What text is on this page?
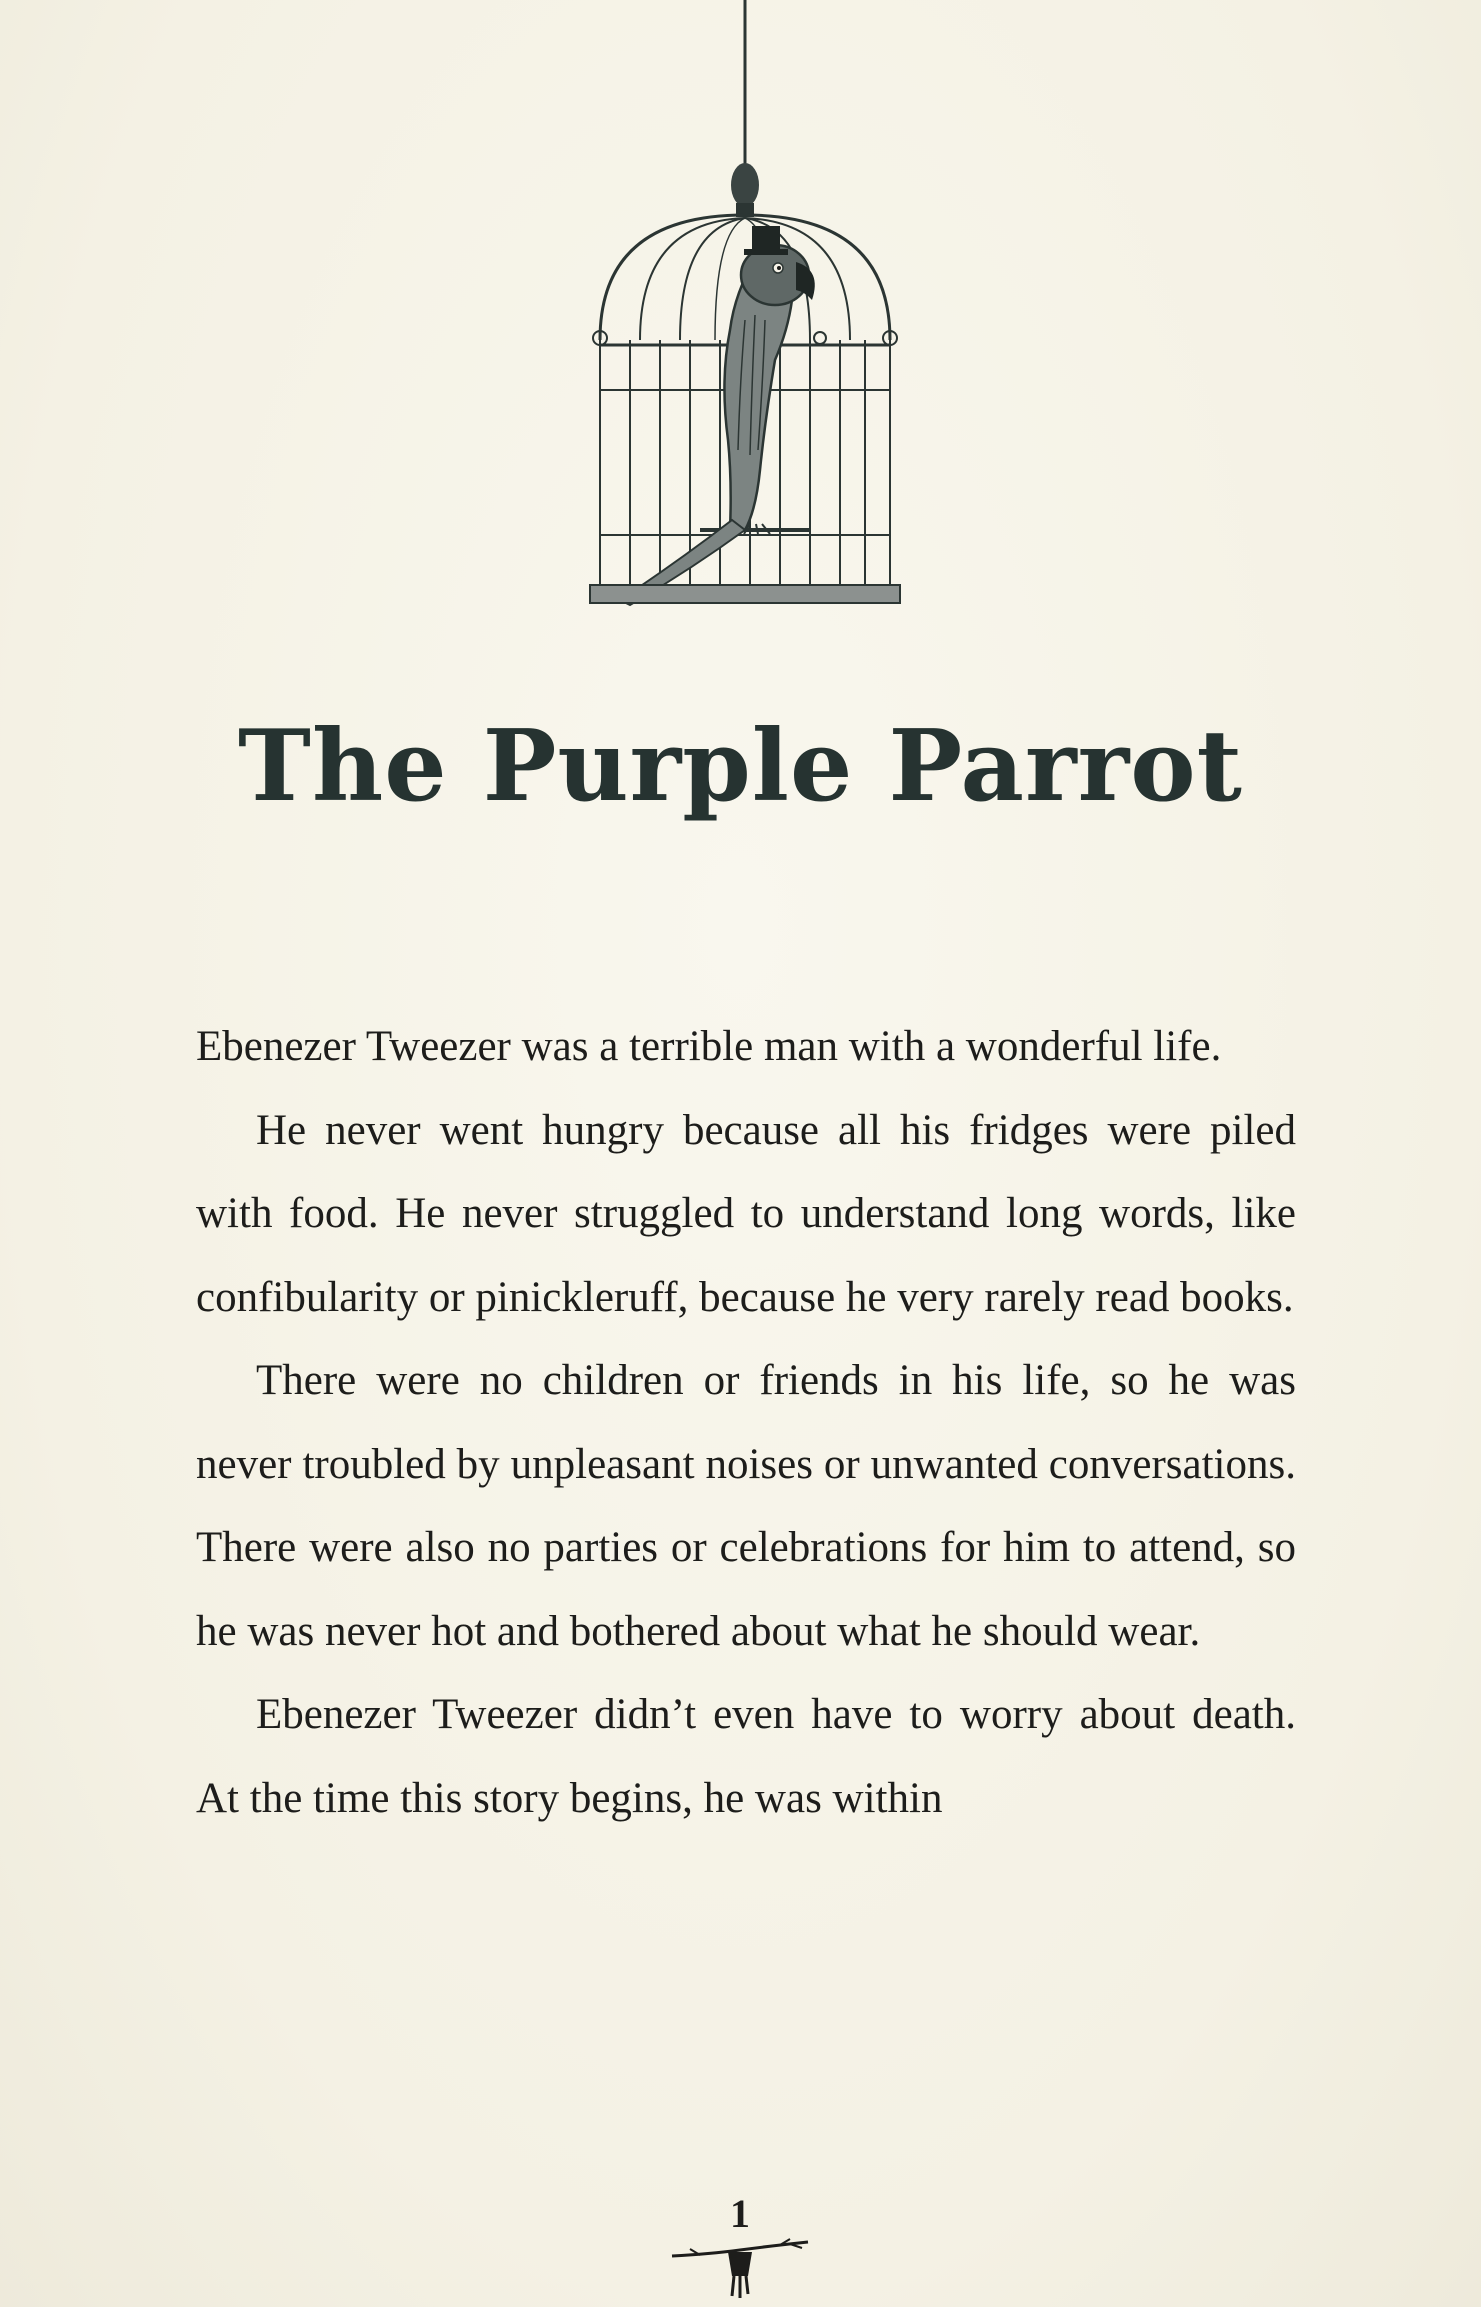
The Purple Parrot

Ebenezer Tweezer was a terrible man with a wonderful life.

He never went hungry because all his fridges were piled with food. He never struggled to understand long words, like confibularity or pinickleruff, because he very rarely read books.

There were no children or friends in his life, so he was never troubled by unpleasant noises or unwanted conversations. There were also no parties or celebrations for him to attend, so he was never hot and bothered about what he should wear.

Ebenezer Tweezer didn’t even have to worry about death. At the time this story begins, he was within

1
